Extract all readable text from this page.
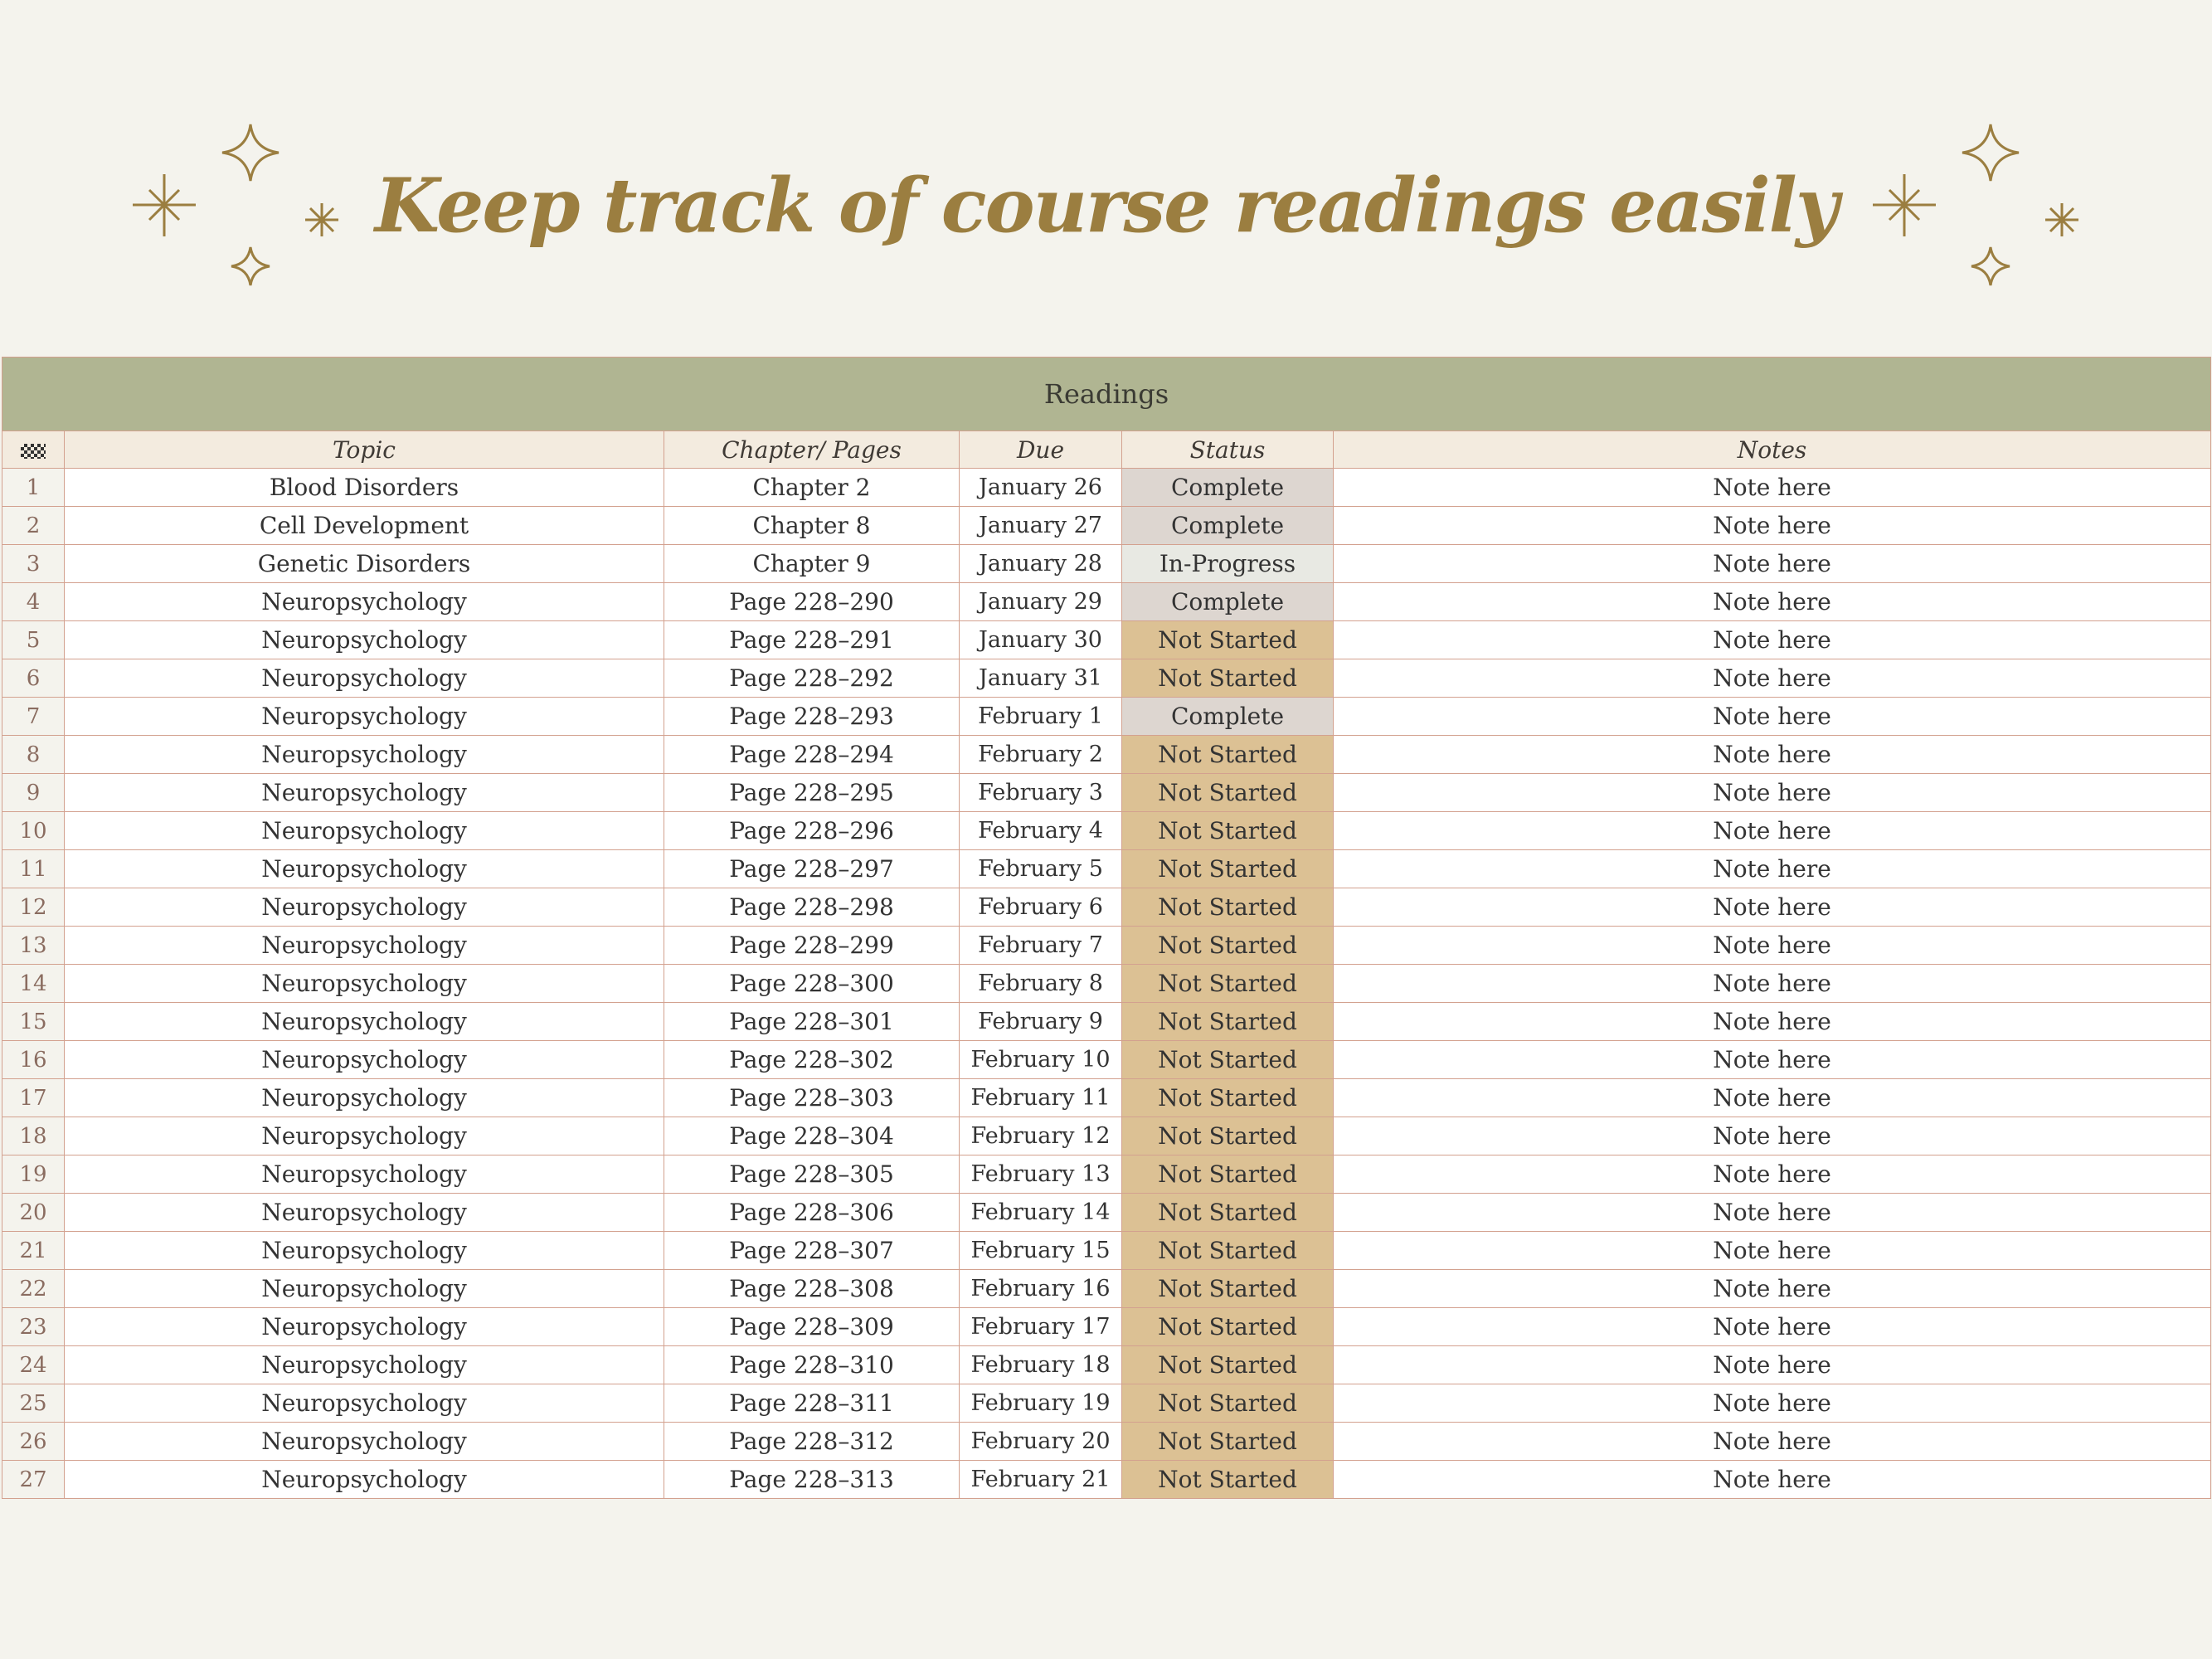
Keep track of course readings easily
Readings					
	Topic	Chapter/ Pages	Due	Status	Notes
1	Blood Disorders	Chapter 2	January 26	Complete	Note here
2	Cell Development	Chapter 8	January 27	Complete	Note here
3	Genetic Disorders	Chapter 9	January 28	In-Progress	Note here
4	Neuropsychology	Page 228–290	January 29	Complete	Note here
5	Neuropsychology	Page 228–291	January 30	Not Started	Note here
6	Neuropsychology	Page 228–292	January 31	Not Started	Note here
7	Neuropsychology	Page 228–293	February 1	Complete	Note here
8	Neuropsychology	Page 228–294	February 2	Not Started	Note here
9	Neuropsychology	Page 228–295	February 3	Not Started	Note here
10	Neuropsychology	Page 228–296	February 4	Not Started	Note here
11	Neuropsychology	Page 228–297	February 5	Not Started	Note here
12	Neuropsychology	Page 228–298	February 6	Not Started	Note here
13	Neuropsychology	Page 228–299	February 7	Not Started	Note here
14	Neuropsychology	Page 228–300	February 8	Not Started	Note here
15	Neuropsychology	Page 228–301	February 9	Not Started	Note here
16	Neuropsychology	Page 228–302	February 10	Not Started	Note here
17	Neuropsychology	Page 228–303	February 11	Not Started	Note here
18	Neuropsychology	Page 228–304	February 12	Not Started	Note here
19	Neuropsychology	Page 228–305	February 13	Not Started	Note here
20	Neuropsychology	Page 228–306	February 14	Not Started	Note here
21	Neuropsychology	Page 228–307	February 15	Not Started	Note here
22	Neuropsychology	Page 228–308	February 16	Not Started	Note here
23	Neuropsychology	Page 228–309	February 17	Not Started	Note here
24	Neuropsychology	Page 228–310	February 18	Not Started	Note here
25	Neuropsychology	Page 228–311	February 19	Not Started	Note here
26	Neuropsychology	Page 228–312	February 20	Not Started	Note here
27	Neuropsychology	Page 228–313	February 21	Not Started	Note here
